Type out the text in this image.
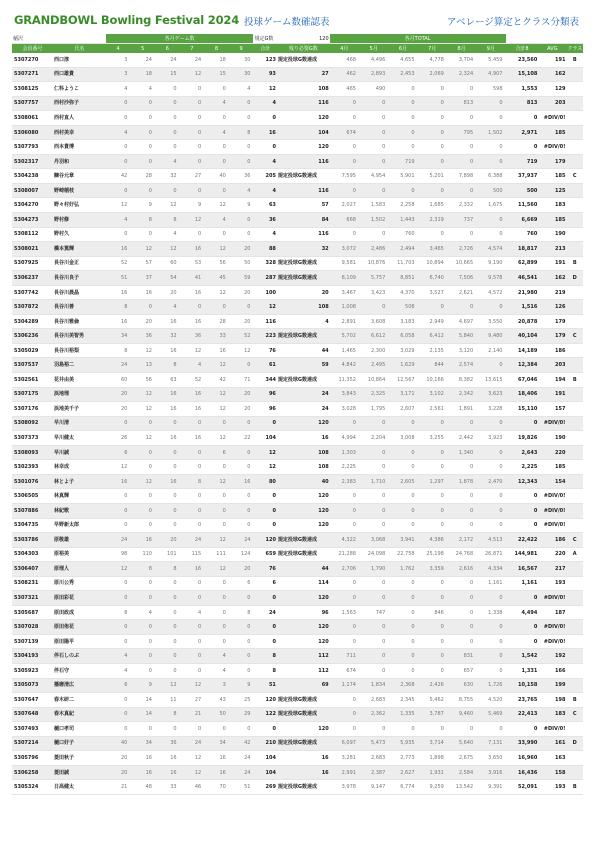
GRANDBOWL Bowling Festival 2024 投球ゲーム数確認表	アベレージ算定とクラス分類表
稲沢		各月ゲーム数						規定G数	120	各月TOTAL								
会員番号	氏名	4	5	6	7	8	9	合計	残り必要G数	4月	5月	6月	7月	8月	9月	合計8	AVG	クラス
5307270	西口淳	3	24	24	24	18	30	123	規定投球G数達成	468	4,496	4,655	4,778	3,704	5,459	23,560	191	B
5307271	西口雄貴	3	18	15	12	15	30	93	27	462	2,893	2,453	2,069	2,324	4,907	15,108	162	
5308125	仁科ようこ	4	4	0	0	0	4	12	108	465	490	0	0	0	598	1,553	129	
5307757	西村沙弥子	0	0	0	0	4	0	4	116	0	0	0	0	813	0	813	203	
5308061	西村直人	0	0	0	0	0	0	0	120	0	0	0	0	0	0	0	#DIV/0!	
5306080	西村美幸	4	0	0	0	4	8	16	104	674	0	0	0	795	1,502	2,971	185	
5307793	西本貴博	0	0	0	0	0	0	0	120	0	0	0	0	0	0	0	#DIV/0!	
5302317	丹羽和	0	0	4	0	0	0	4	116	0	0	719	0	0	0	719	179	
5304238	糠谷元章	42	28	32	27	40	36	205	規定投球G数達成	7,595	4,954	5,901	5,201	7,898	6,388	37,937	185	C
5308007	野崎稲枝	0	0	0	0	0	4	4	116	0	0	0	0	0	500	500	125	
5304270	野々村好弘	12	9	12	9	12	9	63	57	2,027	1,583	2,258	1,685	2,332	1,675	11,560	183	
5304273	野村修	4	8	8	12	4	0	36	84	668	1,502	1,443	2,319	737	0	6,669	185	
5308112	野村久	0	0	4	0	0	0	4	116	0	0	760	0	0	0	760	190	
5308021	橋本篤輝	16	12	12	16	12	20	88	32	3,072	2,486	2,494	3,465	2,726	4,574	18,817	213	
5307925	長谷川金正	52	57	60	53	56	50	328	規定投球G数達成	9,581	10,876	11,703	10,894	10,665	9,190	62,899	191	B
5306237	長谷川良子	51	37	54	41	45	59	287	規定投球G数達成	8,109	5,757	8,851	6,740	7,506	9,578	46,541	162	D
5307742	長谷川晨晶	16	16	20	16	12	20	100	20	3,467	3,423	4,370	3,527	2,621	4,572	21,980	219	
5307872	長谷川善	8	0	4	0	0	0	12	108	1,008	0	508	0	0	0	1,516	126	
5304289	長谷川雅倫	16	20	16	16	28	20	116	4	2,891	3,608	3,183	2,949	4,697	3,550	20,878	179	
5306236	長谷川美智男	34	36	32	36	33	52	223	規定投球G数達成	5,702	6,612	6,058	6,412	5,840	9,480	40,104	179	C
5305029	長谷川裕梨	8	12	16	12	16	12	76	44	1,465	2,300	3,029	2,135	3,120	2,140	14,189	186	
5307537	羽島裕二	24	13	8	4	12	0	61	59	4,842	2,495	1,629	844	2,574	0	12,384	203	
5302561	花井由美	60	56	63	52	42	71	344	規定投球G数達成	11,352	10,864	12,567	10,166	8,382	13,615	67,046	194	B
5307175	浜地理	20	12	16	16	12	20	96	24	3,843	2,325	3,171	3,102	2,342	3,623	18,406	191	
5307176	浜地美千子	20	12	16	16	12	20	96	24	3,028	1,795	2,607	2,561	1,891	3,228	15,110	157	
5308092	早川清	0	0	0	0	0	0	0	120	0	0	0	0	0	0	0	#DIV/0!	
5307373	早川健太	26	12	16	16	12	22	104	16	4,994	2,204	3,008	3,255	2,442	3,923	19,826	190	
5308093	早川誠	6	0	0	0	6	0	12	108	1,303	0	0	0	1,340	0	2,643	220	
5302393	林幸成	12	0	0	0	0	0	12	108	2,225	0	0	0	0	0	2,225	185	
5301076	林とよ子	16	12	16	8	12	16	80	40	2,383	1,710	2,605	1,297	1,878	2,470	12,343	154	
5306505	林真輝	0	0	0	0	0	0	0	120	0	0	0	0	0	0	0	#DIV/0!	
5307886	林紀歌	0	0	0	0	0	0	0	120	0	0	0	0	0	0	0	#DIV/0!	
5304735	早野新太郎	0	0	0	0	0	0	0	120	0	0	0	0	0	0	0	#DIV/0!	
5303786	原敬雄	24	16	20	24	12	24	120	規定投球G数達成	4,322	3,068	3,941	4,386	2,172	4,513	22,422	186	C
5304303	原裕美	98	110	101	115	111	124	659	規定投球G数達成	21,288	24,098	22,758	25,198	24,768	26,871	144,981	220	A
5306407	原理人	12	8	8	16	12	20	76	44	2,706	1,790	1,762	3,359	2,616	4,334	16,567	217	
5308231	原川公秀	0	0	0	0	0	6	6	114	0	0	0	0	0	1,161	1,161	193	
5307321	原田彩花	0	0	0	0	0	0	0	120	0	0	0	0	0	0	0	#DIV/0!	
5305687	原田政成	8	4	0	4	0	8	24	96	1,563	747	0	846	0	1,338	4,494	187	
5307028	原田侑花	0	0	0	0	0	0	0	120	0	0	0	0	0	0	0	#DIV/0!	
5307139	原田陽平	0	0	0	0	0	0	0	120	0	0	0	0	0	0	0	#DIV/0!	
5304193	伴石しのぶ	4	0	0	0	4	0	8	112	711	0	0	0	831	0	1,542	192	
5305923	伴石守	4	0	0	0	4	0	8	112	674	0	0	0	657	0	1,331	166	
5305073	播磨清広	6	9	12	12	3	9	51	69	1,174	1,834	2,368	2,426	630	1,726	10,158	199	
5307647	春木研二	0	14	11	27	43	25	120	規定投球G数達成	0	2,683	2,345	5,462	8,755	4,520	23,765	198	B
5307648	春木真紀	0	14	8	21	50	29	122	規定投球G数達成	0	2,362	1,335	3,787	9,460	5,469	22,413	183	C
5307493	樋口孝司	0	0	0	0	0	0	0	120	0	0	0	0	0	0	0	#DIV/0!	
5307214	樋口好子	40	34	36	24	34	42	210	規定投球G数達成	6,097	5,473	5,935	3,714	5,640	7,131	33,990	161	D
5305796	菱田秋子	20	16	16	12	16	24	104	16	3,281	2,683	2,773	1,898	2,675	3,650	16,960	163	
5306258	菱田誠	20	16	16	12	16	24	104	16	2,991	2,387	2,627	1,931	2,584	3,916	16,436	158	
5305324	日高健太	21	48	33	46	70	51	269	規定投球G数達成	3,978	9,147	6,774	9,259	13,542	9,391	52,091	193	B
